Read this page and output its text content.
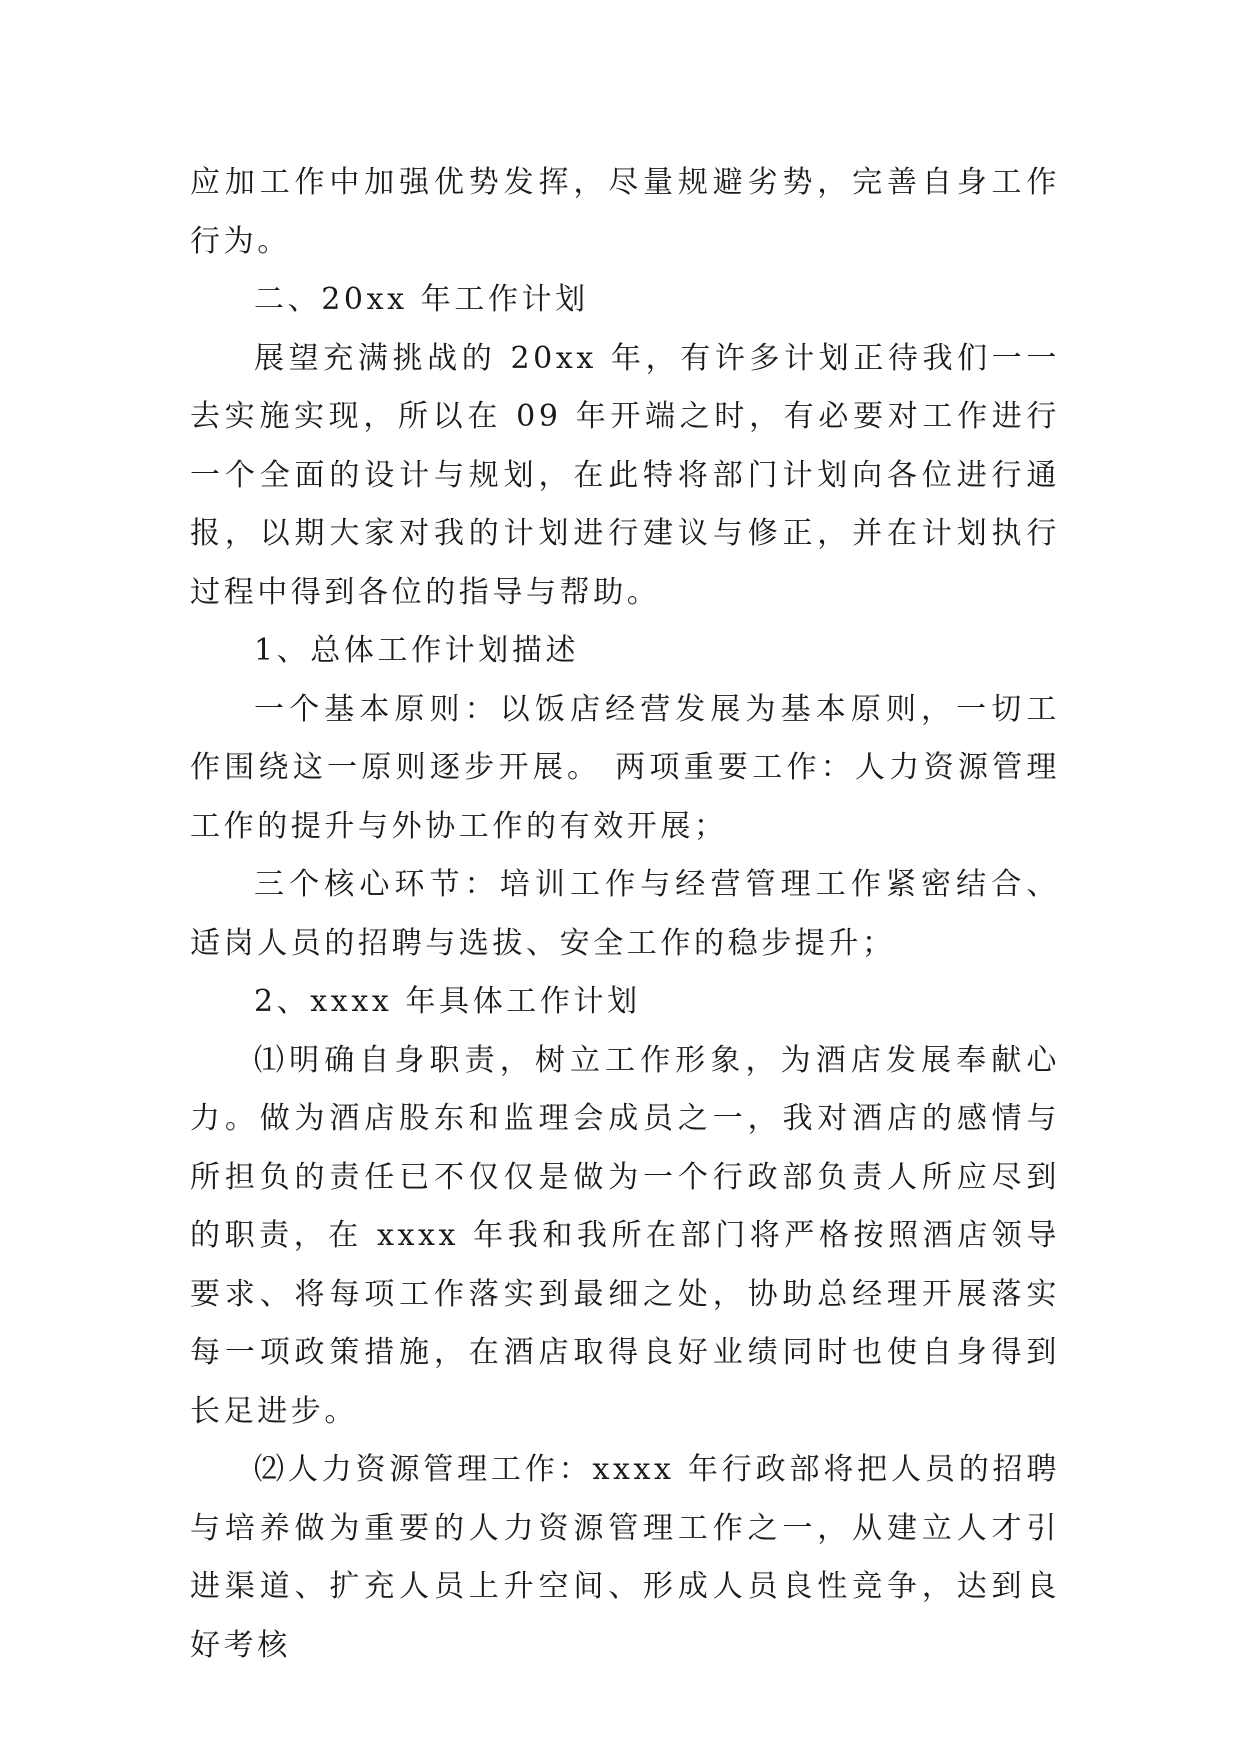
应加工作中加强优势发挥，尽量规避劣势，完善自身工作行为。

二、20xx 年工作计划

展望充满挑战的 20xx 年，有许多计划正待我们一一去实施实现，所以在 09 年开端之时，有必要对工作进行一个全面的设计与规划，在此特将部门计划向各位进行通报，以期大家对我的计划进行建议与修正，并在计划执行过程中得到各位的指导与帮助。

1、总体工作计划描述

一个基本原则：以饭店经营发展为基本原则，一切工作围绕这一原则逐步开展。 两项重要工作：人力资源管理工作的提升与外协工作的有效开展；

三个核心环节：培训工作与经营管理工作紧密结合、适岗人员的招聘与选拔、安全工作的稳步提升；

2、xxxx 年具体工作计划

⑴明确自身职责，树立工作形象，为酒店发展奉献心力。做为酒店股东和监理会成员之一，我对酒店的感情与所担负的责任已不仅仅是做为一个行政部负责人所应尽到的职责，在 xxxx 年我和我所在部门将严格按照酒店领导要求、将每项工作落实到最细之处，协助总经理开展落实每一项政策措施，在酒店取得良好业绩同时也使自身得到长足进步。

⑵人力资源管理工作：xxxx 年行政部将把人员的招聘与培养做为重要的人力资源管理工作之一，从建立人才引进渠道、扩充人员上升空间、形成人员良性竞争，达到良好考核
